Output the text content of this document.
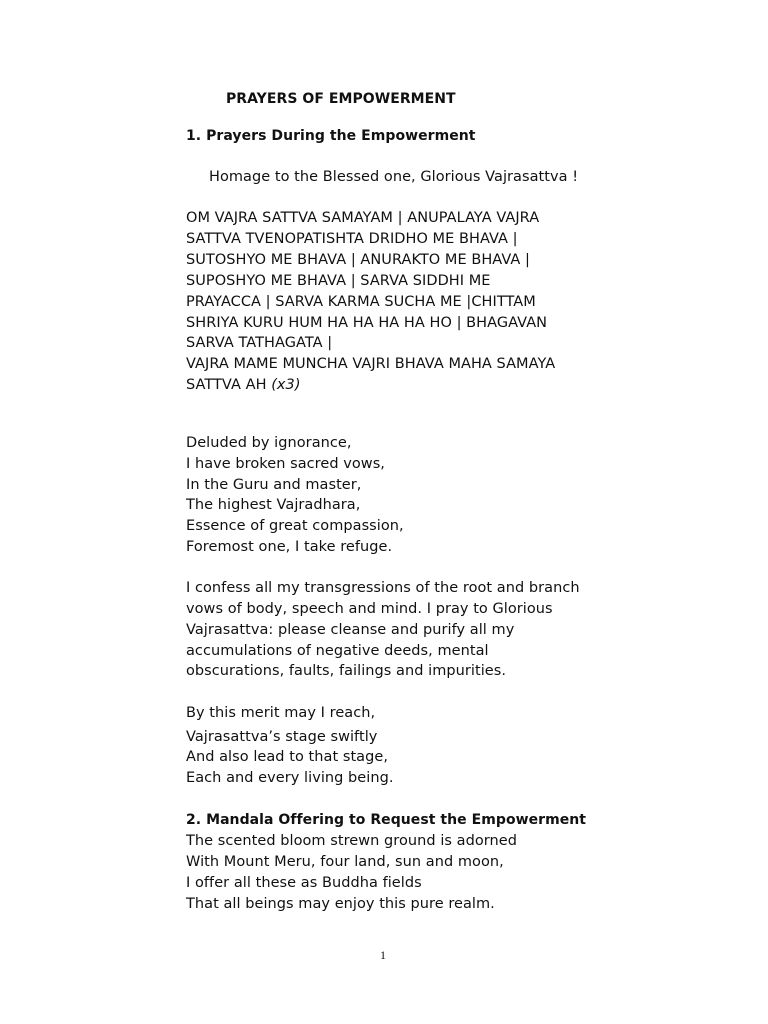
PRAYERS OF EMPOWERMENT
1. Prayers During the Empowerment
Homage to the Blessed one, Glorious Vajrasattva !
OM VAJRA SATTVA SAMAYAM | ANUPALAYA VAJRA
SATTVA TVENOPATISHTA DRIDHO ME BHAVA |
SUTOSHYO ME BHAVA | ANURAKTO ME BHAVA |
SUPOSHYO ME BHAVA | SARVA SIDDHI ME
PRAYACCA | SARVA KARMA SUCHA ME |CHITTAM
SHRIYA KURU HUM HA HA HA HA HO | BHAGAVAN
SARVA TATHAGATA |
VAJRA MAME MUNCHA VAJRI BHAVA MAHA SAMAYA
SATTVA AH (x3)
Deluded by ignorance,
I have broken sacred vows,
In the Guru and master,
The highest Vajradhara,
Essence of great compassion,
Foremost one, I take refuge.
I confess all my transgressions of the root and branch
vows of body, speech and mind. I pray to Glorious
Vajrasattva: please cleanse and purify all my
accumulations of negative deeds, mental
obscurations, faults, failings and impurities.
By this merit may I reach,
Vajrasattva’s stage swiftly
And also lead to that stage,
Each and every living being.
2. Mandala Offering to Request the Empowerment
The scented bloom strewn ground is adorned
With Mount Meru, four land, sun and moon,
I offer all these as Buddha fields
That all beings may enjoy this pure realm.
1
